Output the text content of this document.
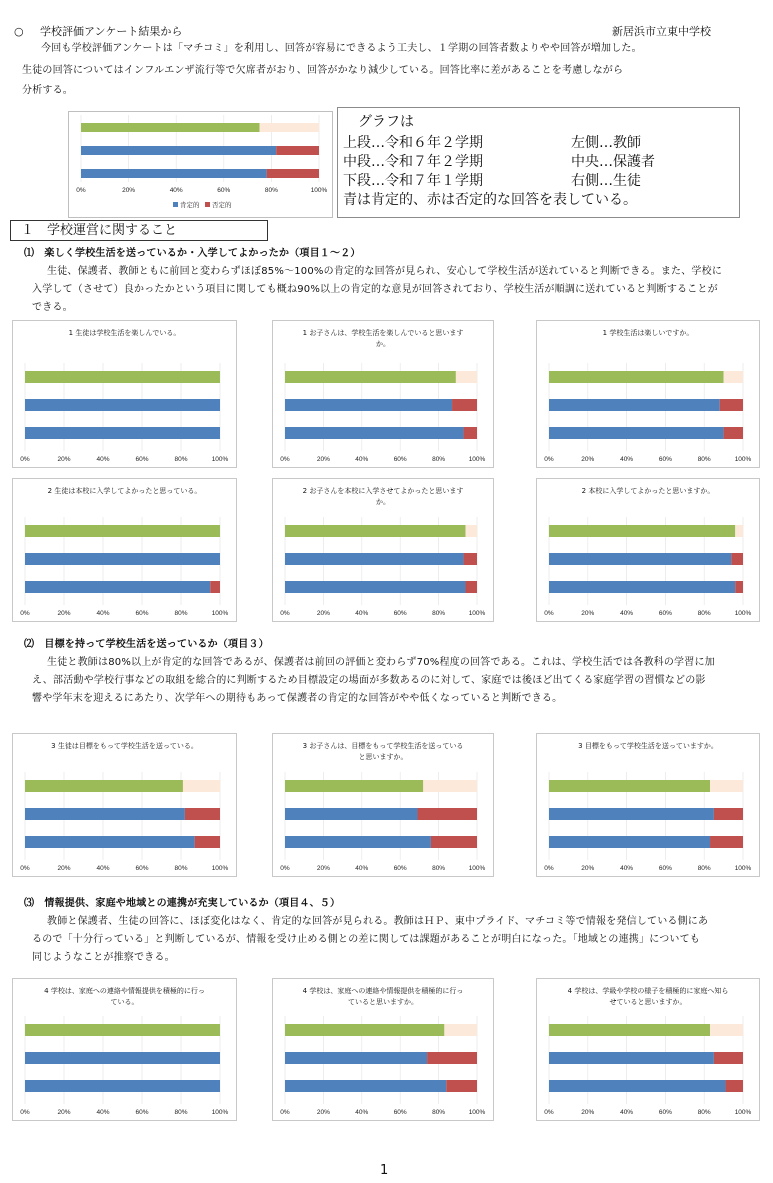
○ 学校評価アンケート結果から	新居浜市立東中学校
今回も学校評価アンケートは「マチコミ」を利用し、回答が容易にできるよう工夫し、１学期の回答者数よりやや回答が増加した。
生徒の回答についてはインフルエンザ流行等で欠席者がおり、回答がかなり減少している。回答比率に差があることを考慮しながら
分析する。
0%	20%	40%	60%	80%	100%
肯定的 否定的
グラフは
上段…令和６年２学期	左側…教師
中段…令和７年２学期	中央…保護者
下段…令和７年１学期	右側…生徒
青は肯定的、赤は否定的な回答を表している。
１　学校運営に関すること
⑴　楽しく学校生活を送っているか・入学してよかったか（項目１～２）
生徒、保護者、教師ともに前回と変わらずほぼ85%～100%の肯定的な回答が見られ、安心して学校生活が送れていると判断できる。また、学校に
入学して（させて）良かったかという項目に関しても概ね90%以上の肯定的な意見が回答されており、学校生活が順調に送れていると判断することが
できる。
⑵　目標を持って学校生活を送っているか（項目３）
生徒と教師は80%以上が肯定的な回答であるが、保護者は前回の評価と変わらず70%程度の回答である。これは、学校生活では各教科の学習に加
え、部活動や学校行事などの取組を総合的に判断するため目標設定の場面が多数あるのに対して、家庭では後ほど出てくる家庭学習の習慣などの影
響や学年末を迎えるにあたり、次学年への期待もあって保護者の肯定的な回答がやや低くなっていると判断できる。
⑶　情報提供、家庭や地域との連携が充実しているか（項目４、５）
教師と保護者、生徒の回答に、ほぼ変化はなく、肯定的な回答が見られる。教師はＨＰ、東中プライド、マチコミ等で情報を発信している側にあ
るので「十分行っている」と判断しているが、情報を受け止める側との差に関しては課題があることが明白になった。「地域との連携」についても
同じようなことが推察できる。
1 生徒は学校生活を楽しんでいる。
0%	20%	40%	60%	80%	100%
1 お子さんは、学校生活を楽しんでいると思いますか。
0%	20%	40%	60%	80%	100%
1 学校生活は楽しいですか。
0%	20%	40%	60%	80%	100%
2 生徒は本校に入学してよかったと思っている。
0%	20%	40%	60%	80%	100%
2 お子さんを本校に入学させてよかったと思いますか。
0%	20%	40%	60%	80%	100%
2 本校に入学してよかったと思いますか。
0%	20%	40%	60%	80%	100%
3 生徒は目標をもって学校生活を送っている。
0%	20%	40%	60%	80%	100%
3 お子さんは、目標をもって学校生活を送っていると思いますか。
0%	20%	40%	60%	80%	100%
3 目標をもって学校生活を送っていますか。
0%	20%	40%	60%	80%	100%
4 学校は、家庭への連絡や情報提供を積極的に行っている。
0%	20%	40%	60%	80%	100%
4 学校は、家庭への連絡や情報提供を積極的に行っていると思いますか。
0%	20%	40%	60%	80%	100%
4 学校は、学級や学校の様子を積極的に家庭へ知らせていると思いますか。
0%	20%	40%	60%	80%	100%
1
